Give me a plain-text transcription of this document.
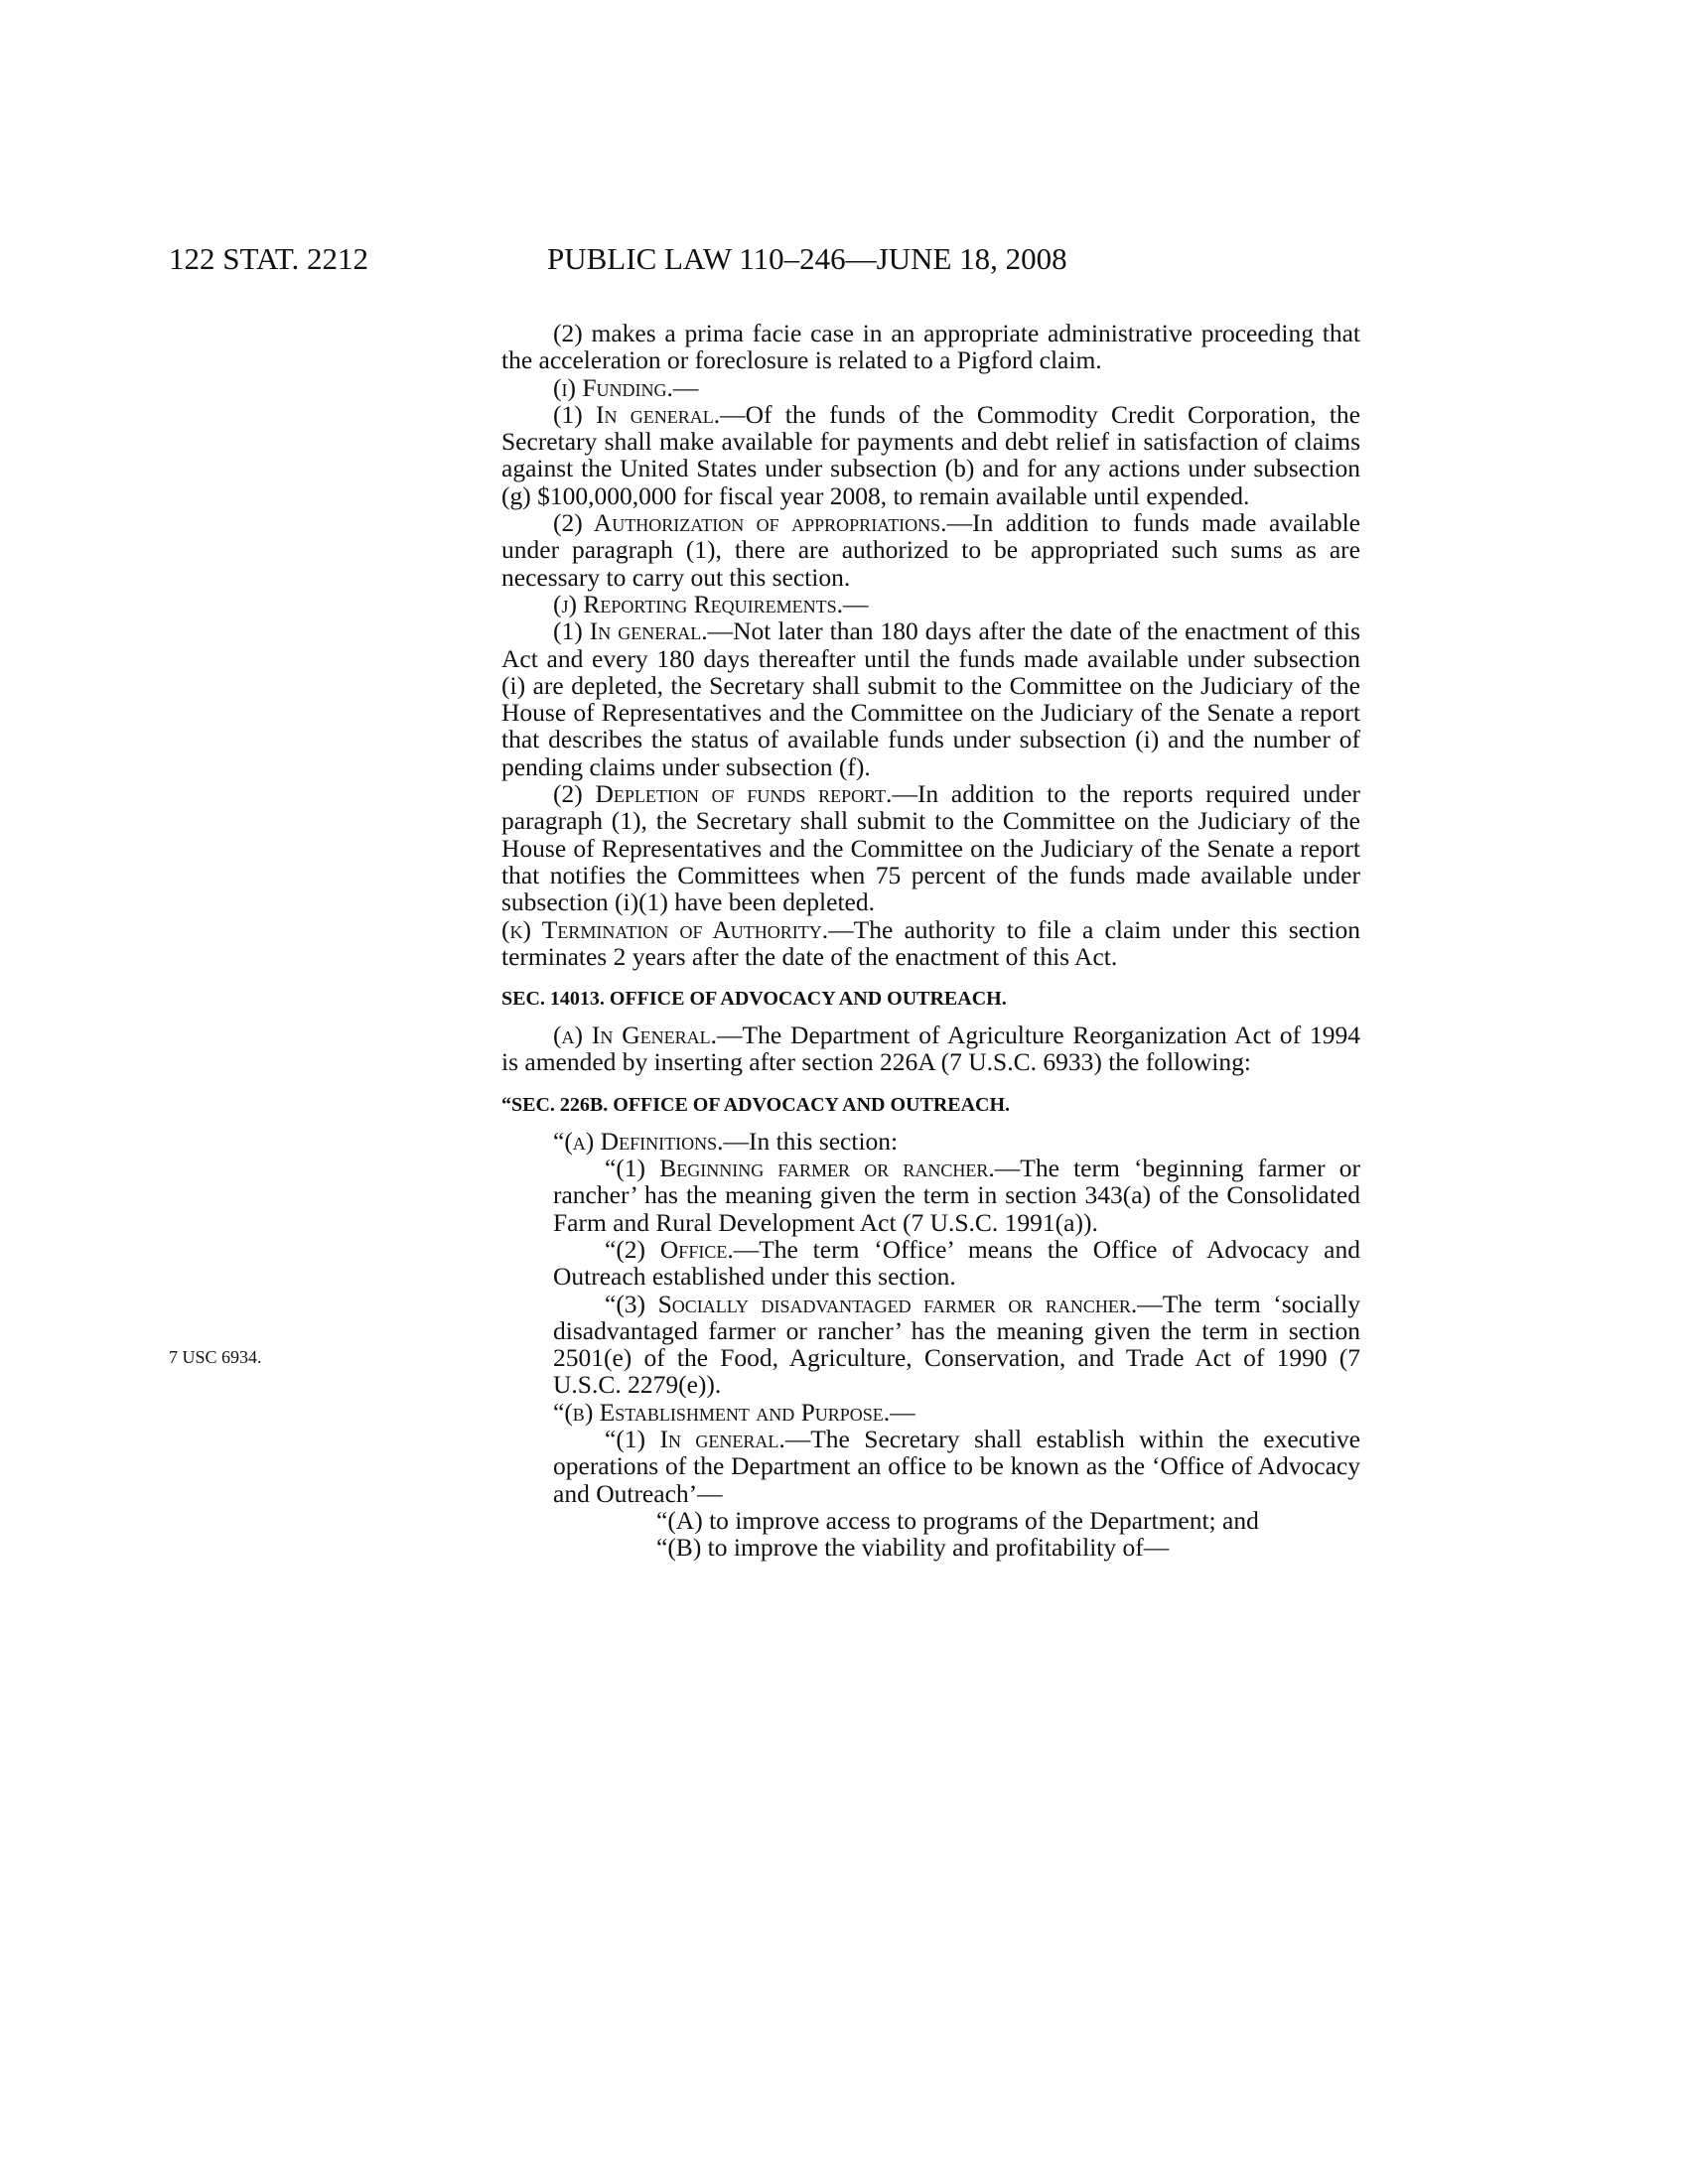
122 STAT. 2212	PUBLIC LAW 110–246—JUNE 18, 2008
7 USC 6934.

(2) makes a prima facie case in an appropriate administrative proceeding that the acceleration or foreclosure is related to a Pigford claim.

(i) Funding.—

(1) In general.—Of the funds of the Commodity Credit Corporation, the Secretary shall make available for payments and debt relief in satisfaction of claims against the United States under subsection (b) and for any actions under subsection (g) $100,000,000 for fiscal year 2008, to remain available until expended.

(2) Authorization of appropriations.—In addition to funds made available under paragraph (1), there are authorized to be appropriated such sums as are necessary to carry out this section.

(j) Reporting Requirements.—

(1) In general.—Not later than 180 days after the date of the enactment of this Act and every 180 days thereafter until the funds made available under subsection (i) are depleted, the Secretary shall submit to the Committee on the Judiciary of the House of Representatives and the Committee on the Judiciary of the Senate a report that describes the status of available funds under subsection (i) and the number of pending claims under subsection (f).

(2) Depletion of funds report.—In addition to the reports required under paragraph (1), the Secretary shall submit to the Committee on the Judiciary of the House of Representatives and the Committee on the Judiciary of the Senate a report that notifies the Committees when 75 percent of the funds made available under subsection (i)(1) have been depleted.

(k) Termination of Authority.—The authority to file a claim under this section terminates 2 years after the date of the enactment of this Act.

SEC. 14013. OFFICE OF ADVOCACY AND OUTREACH.

(a) In General.—The Department of Agriculture Reorganization Act of 1994 is amended by inserting after section 226A (7 U.S.C. 6933) the following:

“SEC. 226B. OFFICE OF ADVOCACY AND OUTREACH.

“(a) Definitions.—In this section:

“(1) Beginning farmer or rancher.—The term ‘beginning farmer or rancher’ has the meaning given the term in section 343(a) of the Consolidated Farm and Rural Development Act (7 U.S.C. 1991(a)).

“(2) Office.—The term ‘Office’ means the Office of Advocacy and Outreach established under this section.

“(3) Socially disadvantaged farmer or rancher.—The term ‘socially disadvantaged farmer or rancher’ has the meaning given the term in section 2501(e) of the Food, Agriculture, Conservation, and Trade Act of 1990 (7 U.S.C. 2279(e)).

“(b) Establishment and Purpose.—

“(1) In general.—The Secretary shall establish within the executive operations of the Department an office to be known as the ‘Office of Advocacy and Outreach’—

“(A) to improve access to programs of the Department; and

“(B) to improve the viability and profitability of—
